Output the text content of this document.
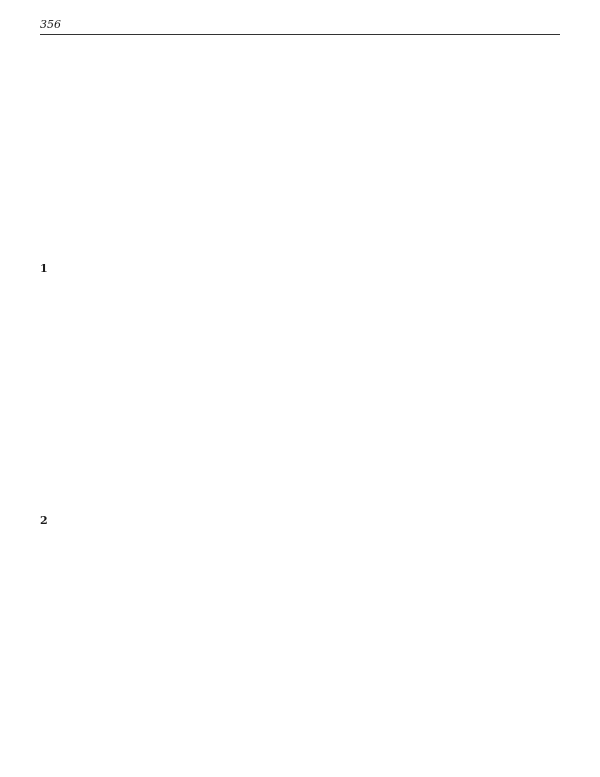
356
1
2
